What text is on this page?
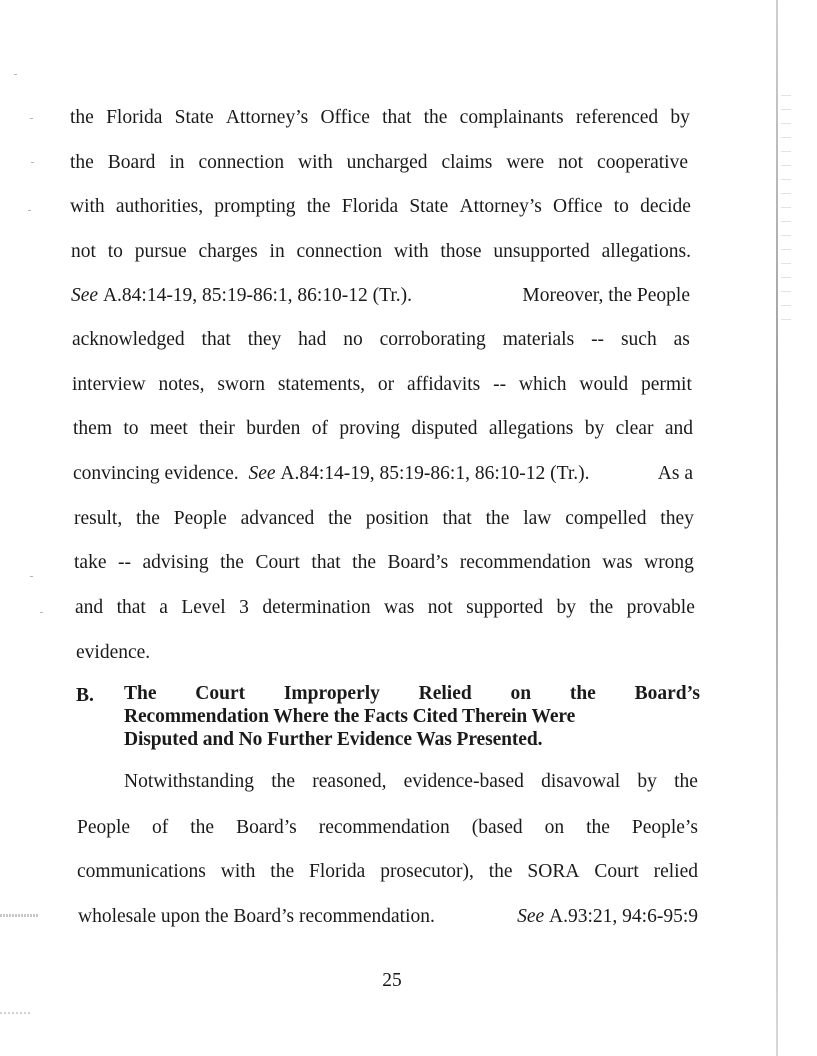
the Florida State Attorney’s Office that the complainants referenced by
the Board in connection with uncharged claims were not cooperative
with authorities, prompting the Florida State Attorney’s Office to decide
not to pursue charges in connection with those unsupported allegations.
See A.84:14-19, 85:19-86:1, 86:10-12 (Tr.).	Moreover, the People
acknowledged that they had no corroborating materials -- such as
interview notes, sworn statements, or affidavits -- which would permit
them to meet their burden of proving disputed allegations by clear and
convincing evidence. See A.84:14-19, 85:19-86:1, 86:10-12 (Tr.).	As a
result, the People advanced the position that the law compelled they
take -- advising the Court that the Board’s recommendation was wrong
and that a Level 3 determination was not supported by the provable
evidence.
B. The Court Improperly Relied on the Board’s
Recommendation Where the Facts Cited Therein Were
Disputed and No Further Evidence Was Presented.
Notwithstanding the reasoned, evidence-based disavowal by the
People of the Board’s recommendation (based on the People’s
communications with the Florida prosecutor), the SORA Court relied
wholesale upon the Board’s recommendation.	See A.93:21, 94:6-95:9
25
